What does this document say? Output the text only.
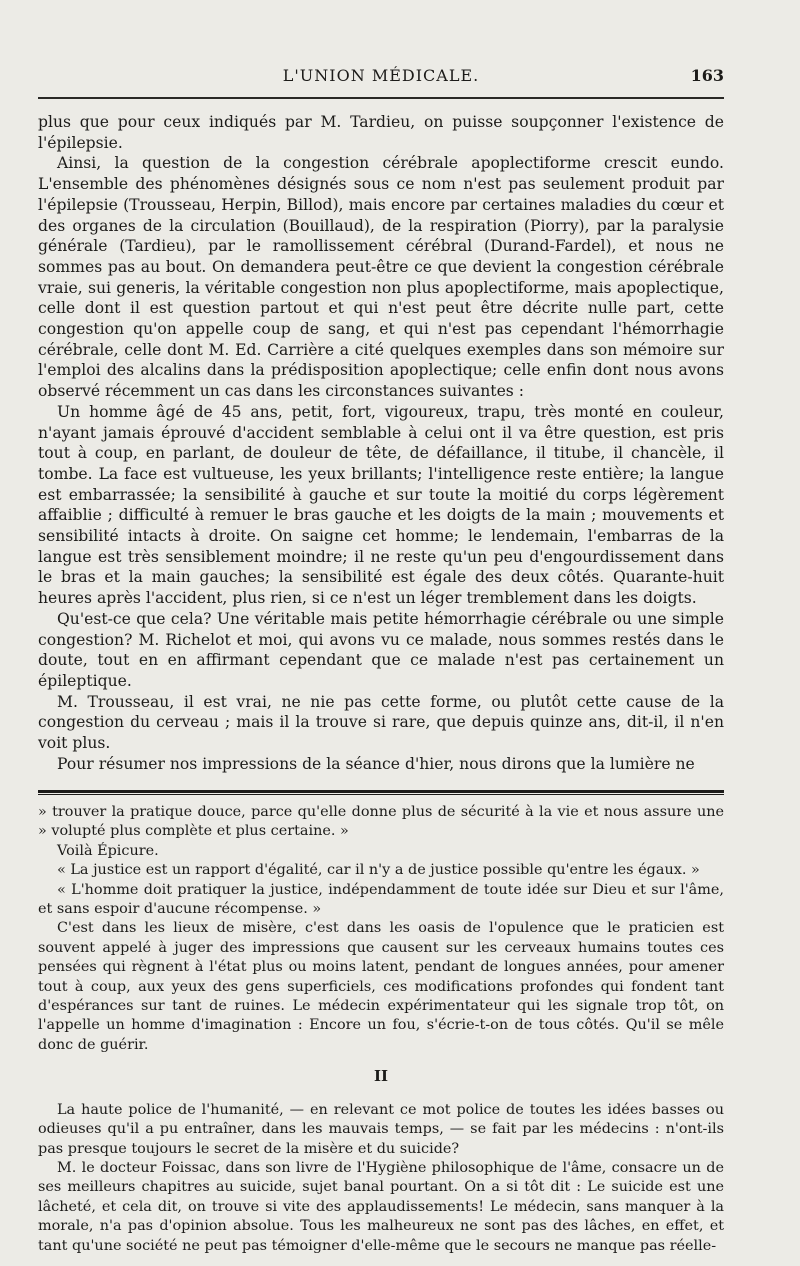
L'UNION MÉDICALE.	163

plus que pour ceux indiqués par M. Tardieu, on puisse soupçonner l'existence de l'épilepsie.

Ainsi, la question de la congestion cérébrale apoplectiforme crescit eundo. L'ensemble des phénomènes désignés sous ce nom n'est pas seulement produit par l'épilepsie (Trousseau, Herpin, Billod), mais encore par certaines maladies du cœur et des organes de la circulation (Bouillaud), de la respiration (Piorry), par la paralysie générale (Tardieu), par le ramollissement cérébral (Durand-Fardel), et nous ne sommes pas au bout. On demandera peut-être ce que devient la congestion cérébrale vraie, sui generis, la véritable congestion non plus apoplectiforme, mais apoplectique, celle dont il est question partout et qui n'est peut être décrite nulle part, cette congestion qu'on appelle coup de sang, et qui n'est pas cependant l'hémorrhagie cérébrale, celle dont M. Ed. Carrière a cité quelques exemples dans son mémoire sur l'emploi des alcalins dans la prédisposition apoplectique; celle enfin dont nous avons observé récemment un cas dans les circonstances suivantes :

Un homme âgé de 45 ans, petit, fort, vigoureux, trapu, très monté en couleur, n'ayant jamais éprouvé d'accident semblable à celui ont il va être question, est pris tout à coup, en parlant, de douleur de tête, de défaillance, il titube, il chancèle, il tombe. La face est vultueuse, les yeux brillants; l'intelligence reste entière; la langue est embarrassée; la sensibilité à gauche et sur toute la moitié du corps légèrement affaiblie ; difficulté à remuer le bras gauche et les doigts de la main ; mouvements et sensibilité intacts à droite. On saigne cet homme; le lendemain, l'embarras de la langue est très sensiblement moindre; il ne reste qu'un peu d'engourdissement dans le bras et la main gauches; la sensibilité est égale des deux côtés. Quarante-huit heures après l'accident, plus rien, si ce n'est un léger tremblement dans les doigts.

Qu'est-ce que cela? Une véritable mais petite hémorrhagie cérébrale ou une simple congestion? M. Richelot et moi, qui avons vu ce malade, nous sommes restés dans le doute, tout en en affirmant cependant que ce malade n'est pas certainement un épileptique.

M. Trousseau, il est vrai, ne nie pas cette forme, ou plutôt cette cause de la congestion du cerveau ; mais il la trouve si rare, que depuis quinze ans, dit-il, il n'en voit plus.

Pour résumer nos impressions de la séance d'hier, nous dirons que la lumière ne

» trouver la pratique douce, parce qu'elle donne plus de sécurité à la vie et nous assure une » volupté plus complète et plus certaine. »

Voilà Épicure.

« La justice est un rapport d'égalité, car il n'y a de justice possible qu'entre les égaux. »

« L'homme doit pratiquer la justice, indépendamment de toute idée sur Dieu et sur l'âme, et sans espoir d'aucune récompense. »

C'est dans les lieux de misère, c'est dans les oasis de l'opulence que le praticien est souvent appelé à juger des impressions que causent sur les cerveaux humains toutes ces pensées qui règnent à l'état plus ou moins latent, pendant de longues années, pour amener tout à coup, aux yeux des gens superficiels, ces modifications profondes qui fondent tant d'espérances sur tant de ruines. Le médecin expérimentateur qui les signale trop tôt, on l'appelle un homme d'imagination : Encore un fou, s'écrie-t-on de tous côtés. Qu'il se mêle donc de guérir.

II

La haute police de l'humanité, — en relevant ce mot police de toutes les idées basses ou odieuses qu'il a pu entraîner, dans les mauvais temps, — se fait par les médecins : n'ont-ils pas presque toujours le secret de la misère et du suicide?

M. le docteur Foissac, dans son livre de l'Hygiène philosophique de l'âme, consacre un de ses meilleurs chapitres au suicide, sujet banal pourtant. On a si tôt dit : Le suicide est une lâcheté, et cela dit, on trouve si vite des applaudissements! Le médecin, sans manquer à la morale, n'a pas d'opinion absolue. Tous les malheureux ne sont pas des lâches, en effet, et tant qu'une société ne peut pas témoigner d'elle-même que le secours ne manque pas réelle-
